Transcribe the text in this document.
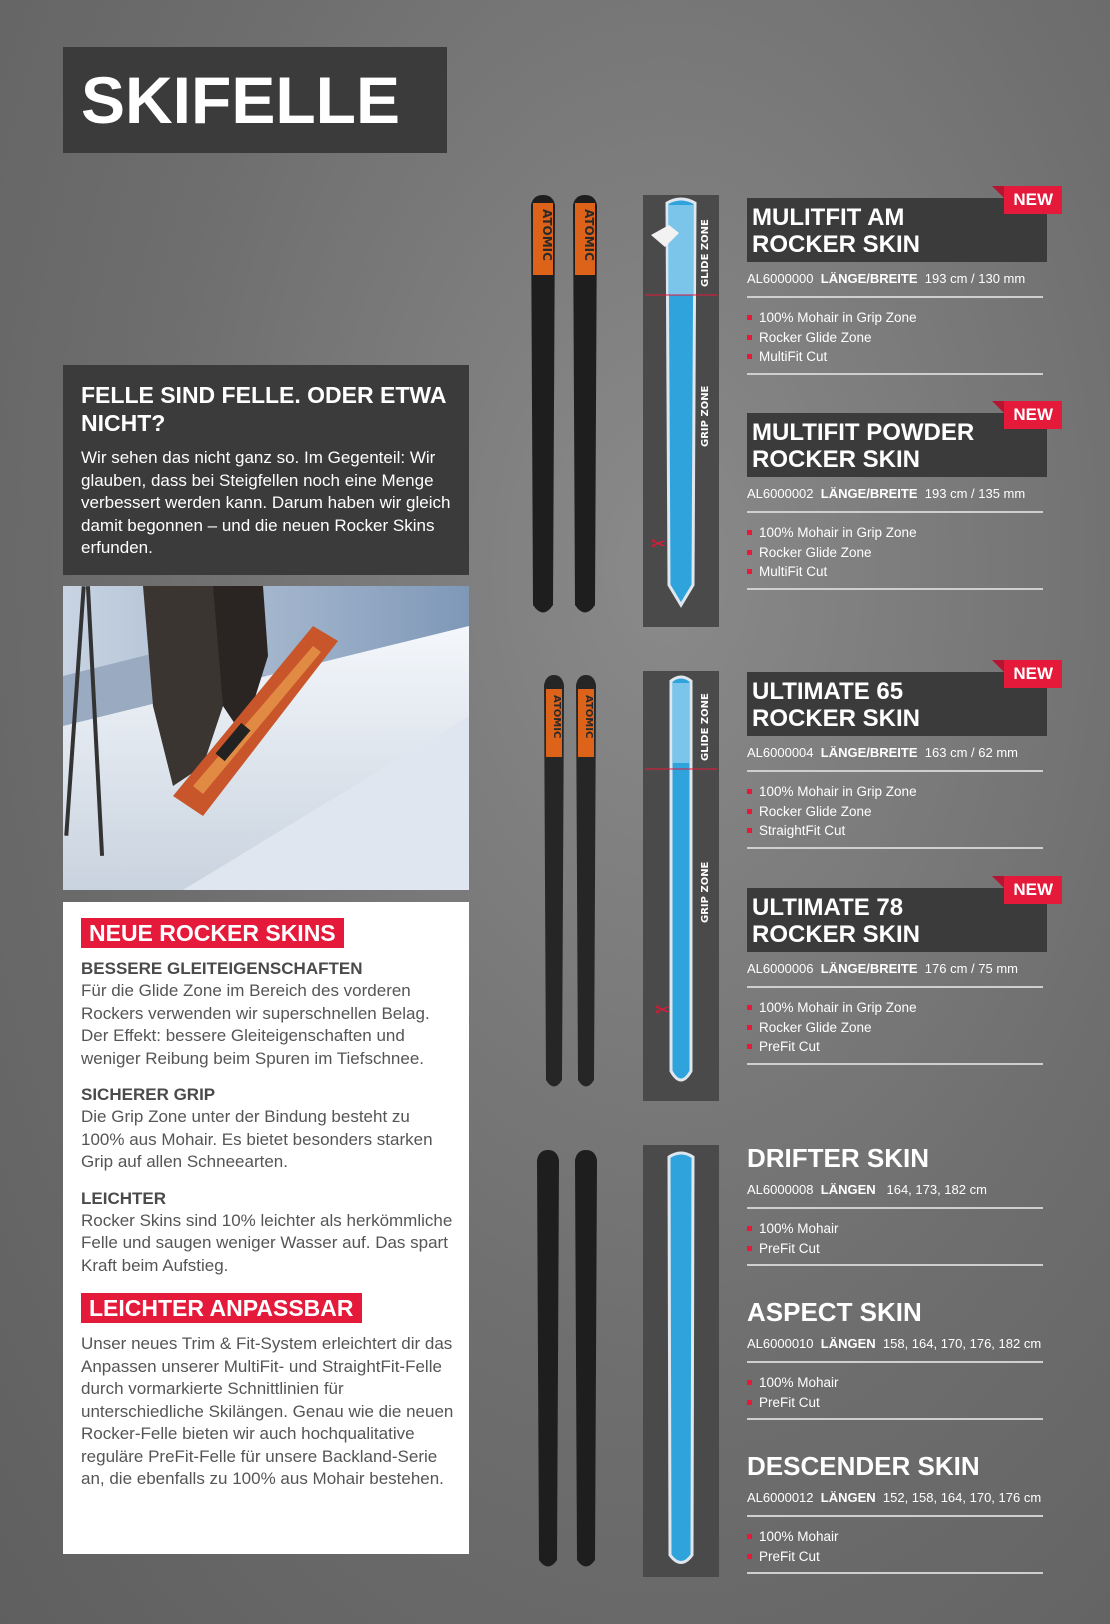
SKIFELLE
FELLE SIND FELLE. ODER ETWA NICHT?

Wir sehen das nicht ganz so. Im Gegenteil: Wir glauben, dass bei Steigfellen noch eine Menge verbessert werden kann. Darum haben wir gleich damit begonnen – und die neuen Rocker Skins erfunden.

NEUE ROCKER SKINS
BESSERE GLEITEIGENSCHAFTEN

Für die Glide Zone im Bereich des vorderen Rockers verwenden wir superschnellen Belag. Der Effekt: bessere Gleiteigenschaften und weniger Reibung beim Spuren im Tiefschnee.

SICHERER GRIP

Die Grip Zone unter der Bindung besteht zu 100% aus Mohair. Es bietet besonders starken Grip auf allen Schneearten.

LEICHTER

Rocker Skins sind 10% leichter als herkömmliche Felle und saugen weniger Wasser auf. Das spart Kraft beim Aufstieg.

LEICHTER ANPASSBAR

Unser neues Trim & Fit-System erleichtert dir das Anpassen unserer MultiFit- und StraightFit-Felle durch vormarkierte Schnittlinien für unterschiedliche Skilängen. Genau wie die neuen Rocker-Felle bieten wir auch hochqualitative reguläre PreFit-Felle für unsere Backland-Serie an, die ebenfalls zu 100% aus Mohair bestehen.

ATOMIC ATOMIC	GLIDE ZONE
GRIP ZONE
✂
ATOMIC ATOMIC	GLIDE ZONE
GRIP ZONE
✂
MULITFIT AM
ROCKER SKIN
NEW
AL6000000 LÄNGE/BREITE 193 cm / 130 mm
100% Mohair in Grip Zone
Rocker Glide Zone
MultiFit Cut
MULTIFIT POWDER
ROCKER SKIN
NEW
AL6000002 LÄNGE/BREITE 193 cm / 135 mm
100% Mohair in Grip Zone
Rocker Glide Zone
MultiFit Cut
ULTIMATE 65
ROCKER SKIN
NEW
AL6000004 LÄNGE/BREITE 163 cm / 62 mm
100% Mohair in Grip Zone
Rocker Glide Zone
StraightFit Cut
ULTIMATE 78
ROCKER SKIN
NEW
AL6000006 LÄNGE/BREITE 176 cm / 75 mm
100% Mohair in Grip Zone
Rocker Glide Zone
PreFit Cut
DRIFTER SKIN
AL6000008 LÄNGEN 164, 173, 182 cm
100% Mohair
PreFit Cut
ASPECT SKIN
AL6000010 LÄNGEN 158, 164, 170, 176, 182 cm
100% Mohair
PreFit Cut
DESCENDER SKIN
AL6000012 LÄNGEN 152, 158, 164, 170, 176 cm
100% Mohair
PreFit Cut
